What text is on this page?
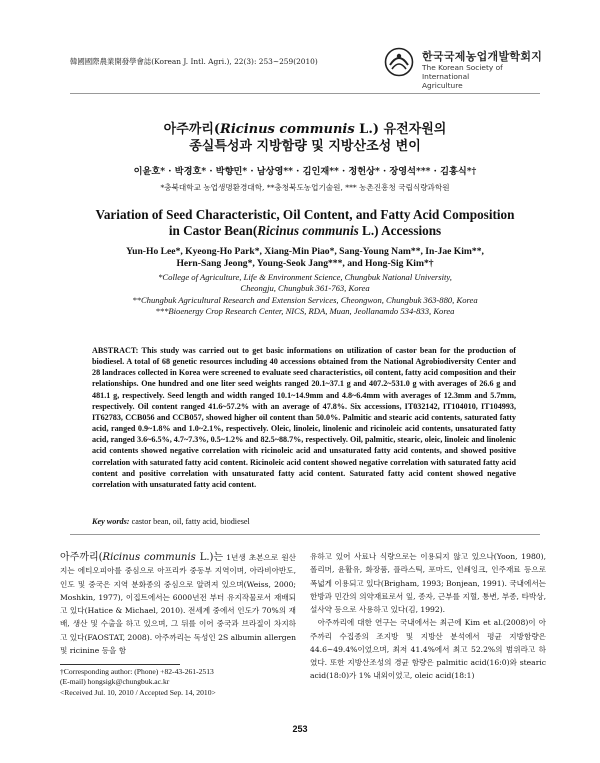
韓國國際農業開發學會誌(Korean J. Intl. Agri.), 22(3): 253~259(2010)	한국국제농업개발학회지
The Korean Society of International
Agriculture
아주까리(Ricinus communis L.) 유전자원의
종실특성과 지방함량 및 지방산조성 변이
이윤호* · 박경호* · 박향민* · 남상영** · 김인재** · 정헌상* · 장영석*** · 김홍식*†
*충북대학교 농업생명환경대학, **충청북도농업기술원, *** 농촌진흥청 국립식량과학원
Variation of Seed Characteristic, Oil Content, and Fatty Acid Composition
in Castor Bean(Ricinus communis L.) Accessions
Yun-Ho Lee*, Kyeong-Ho Park*, Xiang-Min Piao*, Sang-Young Nam**, In-Jae Kim**,
Hern-Sang Jeong*, Young-Seok Jang***, and Hong-Sig Kim*†
*College of Agriculture, Life & Environment Science, Chungbuk National University,
Cheongju, Chungbuk 361-763, Korea
**Chungbuk Agricultural Research and Extension Services, Cheongwon, Chungbuk 363-880, Korea
***Bioenergy Crop Research Center, NICS, RDA, Muan, Jeollanamdo 534-833, Korea
ABSTRACT: This study was carried out to get basic informations on utilization of castor bean for the production of biodiesel. A total of 68 genetic resources including 40 accessions obtained from the National Agrobiodiversity Center and 28 landraces collected in Korea were screened to evaluate seed characteristics, oil content, fatty acid composition and their relationships. One hundred and one liter seed weights ranged 20.1~37.1 g and 407.2~531.0 g with averages of 26.6 g and 481.1 g, respectively. Seed length and width ranged 10.1~14.9mm and 4.8~6.4mm with averages of 12.3mm and 5.7mm, respectively. Oil content ranged 41.6~57.2% with an average of 47.8%. Six accessions, IT032142, IT104010, IT104993, IT62783, CCB056 and CCB057, showed higher oil content than 50.0%. Palmitic and stearic acid contents, saturated fatty acid, ranged 0.9~1.8% and 1.0~2.1%, respectively. Oleic, linoleic, linolenic and ricinoleic acid contents, unsaturated fatty acid, ranged 3.6~6.5%, 4.7~7.3%, 0.5~1.2% and 82.5~88.7%, respectively. Oil, palmitic, stearic, oleic, linoleic and linolenic acid contents showed negative correlation with ricinoleic acid and unsaturated fatty acid contents, and showed positive correlation with saturated fatty acid content. Ricinoleic acid content showed negative correlation with saturated fatty acid content and positive correlation with unsaturated fatty acid content. Saturated fatty acid content showed negative correlation with unsaturated fatty acid content.
Key words: castor bean, oil, fatty acid, biodiesel
아주까리(Ricinus communis L.)는 1년생 초본으로 원산지는 에티오피아를 중심으로 아프리카 중동부 지역이며, 아라비아반도, 인도 및 중국은 지역 분화종의 중심으로 알려져 있으며(Weiss, 2000; Moshkin, 1977), 이집트에서는 6000년전 부터 유지작물로서 재배되고 있다(Hatice & Michael, 2010). 전세계 중에서 인도가 70%의 재배, 생산 및 수출을 하고 있으며, 그 뒤를 이어 중국과 브라질이 차지하고 있다(FAOSTAT, 2008). 아주까리는 독성인 2S albumin allergen 및 ricinine 등을 함
유하고 있어 사료나 식량으로는 이용되지 않고 있으나(Yoon, 1980), 폴리머, 윤활유, 화장품, 플라스틱, 포마드, 인쇄잉크, 인주재료 등으로 폭넓게 이용되고 있다(Brigham, 1993; Bonjean, 1991). 국내에서는 한방과 민간의 의약재료로서 잎, 종자, 근부를 지혈, 통변, 부종, 타박상, 설사약 등으로 사용하고 있다(김, 1992).
아주까리에 대한 연구는 국내에서는 최근에 Kim et al.(2008)이 아주까리 수집종의 조지방 및 지방산 분석에서 평균 지방함량은 44.6~49.4%이었으며, 최저 41.4%에서 최고 52.2%의 범위라고 하였다. 또한 지방산조성의 경균 함량은 palmitic acid(16:0)와 stearic acid(18:0)가 1% 내외이었고, oleic acid(18:1)
†Corresponding author: (Phone) +82-43-261-2513
(E-mail) hongsigk@chungbuk.ac.kr
<Received Jul. 10, 2010 / Accepted Sep. 14, 2010>
253
